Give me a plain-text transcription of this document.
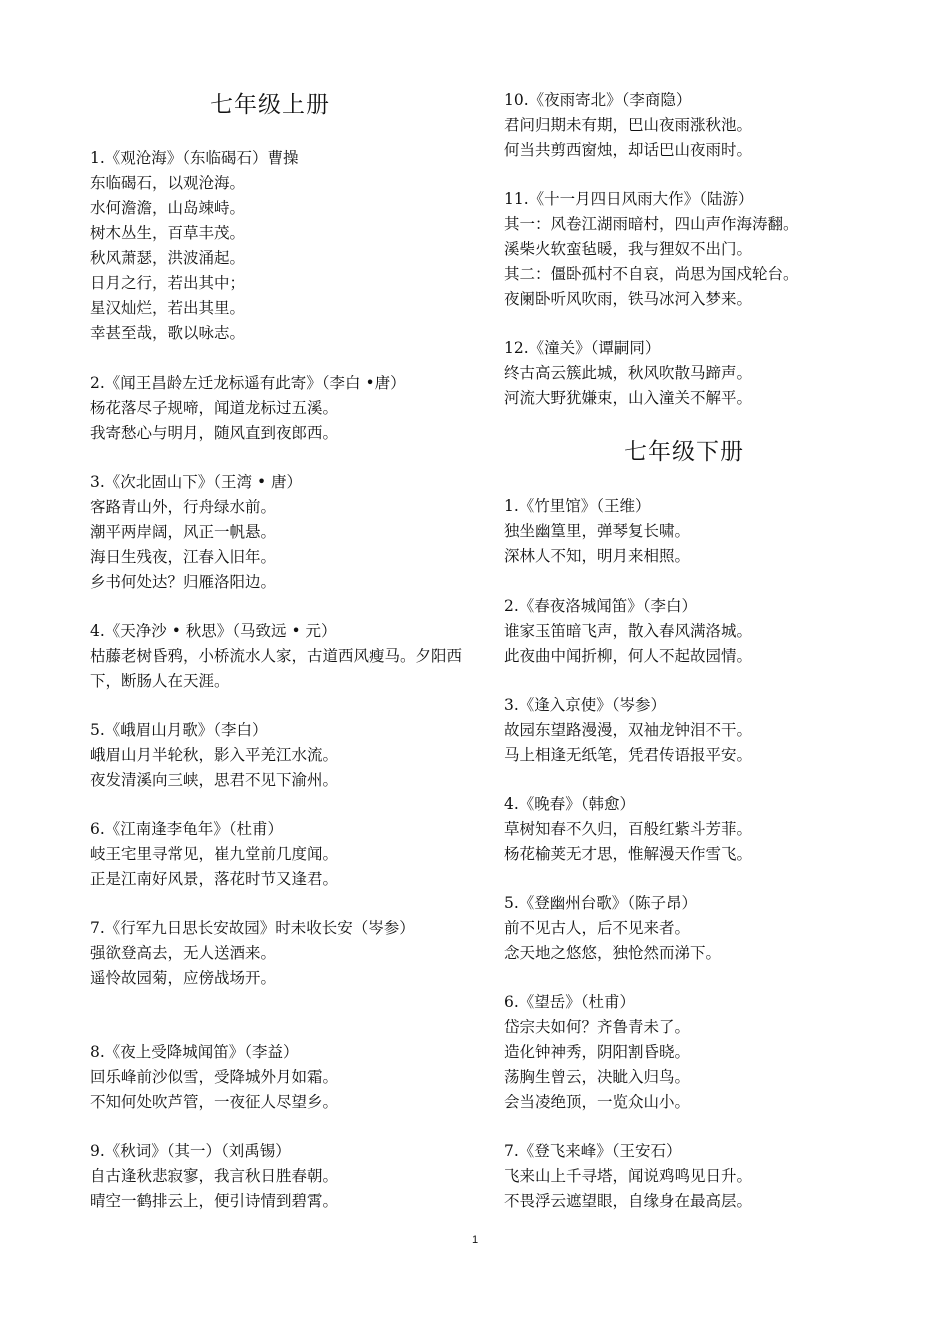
七年级上册
1.《观沧海》（东临碣石）曹操
东临碣石，以观沧海。
水何澹澹，山岛竦峙。
树木丛生，百草丰茂。
秋风萧瑟，洪波涌起。
日月之行，若出其中；
星汉灿烂，若出其里。
幸甚至哉，歌以咏志。
2.《闻王昌龄左迁龙标遥有此寄》（李白 •唐）
杨花落尽子规啼，闻道龙标过五溪。
我寄愁心与明月，随风直到夜郎西。
3.《次北固山下》（王湾 • 唐）
客路青山外，行舟绿水前。
潮平两岸阔，风正一帆悬。
海日生残夜，江春入旧年。
乡书何处达？归雁洛阳边。
4.《天净沙 • 秋思》（马致远 • 元）
枯藤老树昏鸦，小桥流水人家，古道西风瘦马。夕阳西下，断肠人在天涯。
5.《峨眉山月歌》（李白）
峨眉山月半轮秋，影入平羌江水流。
夜发清溪向三峡，思君不见下渝州。
6.《江南逢李龟年》（杜甫）
岐王宅里寻常见，崔九堂前几度闻。
正是江南好风景，落花时节又逢君。
7.《行军九日思长安故园》时未收长安（岑参）
强欲登高去，无人送酒来。
遥怜故园菊，应傍战场开。
8.《夜上受降城闻笛》（李益）
回乐峰前沙似雪，受降城外月如霜。
不知何处吹芦管，一夜征人尽望乡。
9.《秋词》（其一）（刘禹锡）
自古逢秋悲寂寥，我言秋日胜春朝。
晴空一鹤排云上，便引诗情到碧霄。
10.《夜雨寄北》（李商隐）
君问归期未有期，巴山夜雨涨秋池。
何当共剪西窗烛，却话巴山夜雨时。
11.《十一月四日风雨大作》（陆游）
其一：风卷江湖雨暗村，四山声作海涛翻。
溪柴火软蛮毡暖，我与狸奴不出门。
其二：僵卧孤村不自哀，尚思为国戍轮台。
夜阑卧听风吹雨，铁马冰河入梦来。
12.《潼关》（谭嗣同）
终古高云簇此城，秋风吹散马蹄声。
河流大野犹嫌束，山入潼关不解平。
七年级下册
1.《竹里馆》（王维）
独坐幽篁里，弹琴复长啸。
深林人不知，明月来相照。
2.《春夜洛城闻笛》（李白）
谁家玉笛暗飞声，散入春风满洛城。
此夜曲中闻折柳，何人不起故园情。
3.《逢入京使》（岑参）
故园东望路漫漫，双袖龙钟泪不干。
马上相逢无纸笔，凭君传语报平安。
4.《晚春》（韩愈）
草树知春不久归，百般红紫斗芳菲。
杨花榆荚无才思，惟解漫天作雪飞。
5.《登幽州台歌》（陈子昂）
前不见古人，后不见来者。
念天地之悠悠，独怆然而涕下。
6.《望岳》（杜甫）
岱宗夫如何？齐鲁青未了。
造化钟神秀，阴阳割昏晓。
荡胸生曾云，决眦入归鸟。
会当凌绝顶，一览众山小。
7.《登飞来峰》（王安石）
飞来山上千寻塔，闻说鸡鸣见日升。
不畏浮云遮望眼，自缘身在最高层。
1
